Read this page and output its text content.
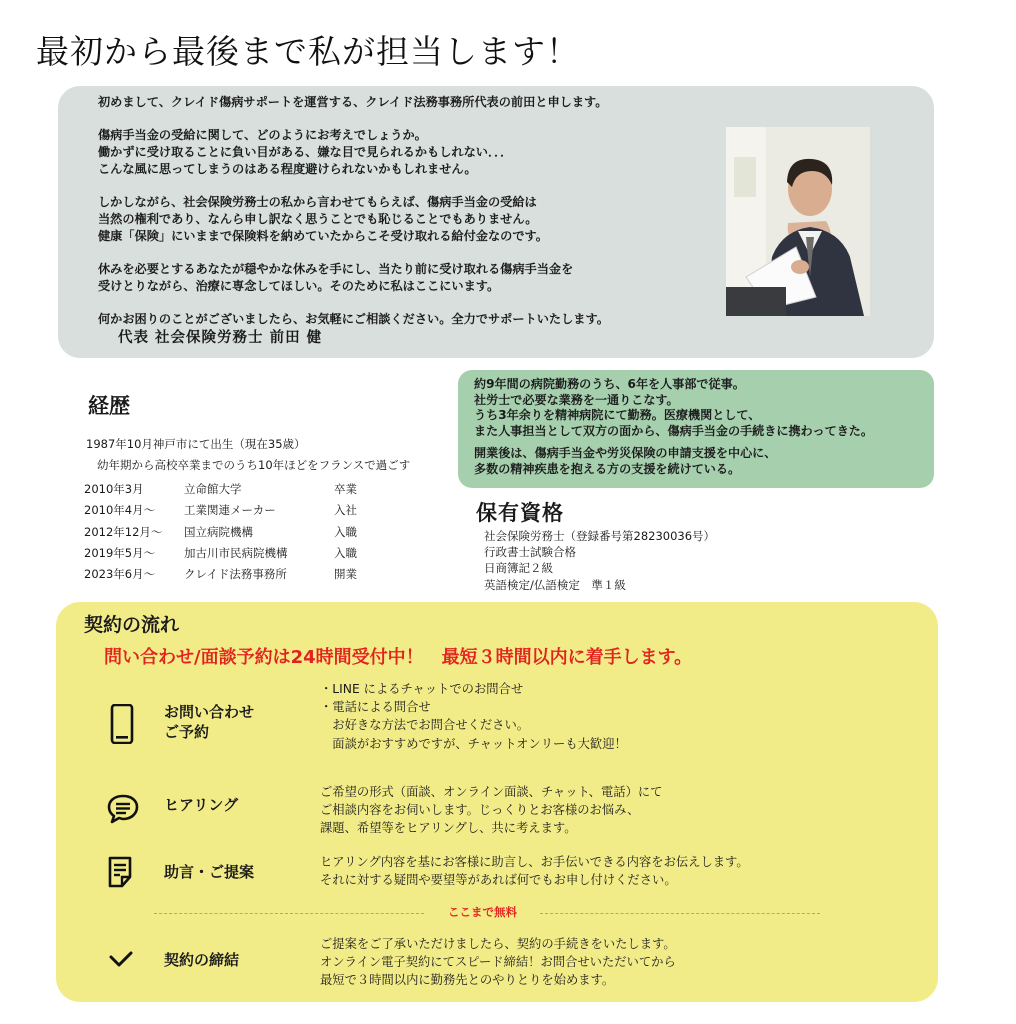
最初から最後まで私が担当します！

初めまして、クレイド傷病サポートを運営する、クレイド法務事務所代表の前田と申します。

傷病手当金の受給に関して、どのようにお考えでしょうか。
働かずに受け取ることに負い目がある、嫌な目で見られるかもしれない．．．
こんな風に思ってしまうのはある程度避けられないかもしれません。

しかしながら、社会保険労務士の私から言わせてもらえば、傷病手当金の受給は
当然の権利であり、なんら申し訳なく思うことでも恥じることでもありません。
健康「保険」にいままで保険料を納めていたからこそ受け取れる給付金なのです。

休みを必要とするあなたが穏やかな休みを手にし、当たり前に受け取れる傷病手当金を
受けとりながら、治療に専念してほしい。そのために私はここにいます。

何かお困りのことがございましたら、お気軽にご相談ください。全力でサポートいたします。

代表 社会保険労務士 前田 健
経歴
1987年10月神戸市にて出生（現在35歳）
幼年期から高校卒業までのうち10年ほどをフランスで過ごす
2010年3月	立命館大学	卒業
2010年4月～	工業関連メーカー	入社
2012年12月～	国立病院機構	入職
2019年5月～	加古川市民病院機構	入職
2023年6月～	クレイド法務事務所	開業

約9年間の病院勤務のうち、6年を人事部で従事。
社労士で必要な業務を一通りこなす。
うち3年余りを精神病院にて勤務。医療機関として、
また人事担当として双方の面から、傷病手当金の手続きに携わってきた。

開業後は、傷病手当金や労災保険の申請支援を中心に、
多数の精神疾患を抱える方の支援を続けている。

保有資格
社会保険労務士（登録番号第28230036号）
行政書士試験合格
日商簿記２級
英語検定/仏語検定　準１級
契約の流れ
問い合わせ/面談予約は24時間受付中！　最短３時間以内に着手します。
お問い合わせ
ご予約
・LINE によるチャットでのお問合せ
・電話による問合せ
　お好きな方法でお問合せください。
　面談がおすすめですが、チャットオンリーも大歓迎！
ヒアリング
ご希望の形式（面談、オンライン面談、チャット、電話）にて
ご相談内容をお伺いします。じっくりとお客様のお悩み、
課題、希望等をヒアリングし、共に考えます。
助言・ご提案
ヒアリング内容を基にお客様に助言し、お手伝いできる内容をお伝えします。
それに対する疑問や要望等があれば何でもお申し付けください。
ここまで無料
契約の締結
ご提案をご了承いただけましたら、契約の手続きをいたします。
オンライン電子契約にてスピード締結！お問合せいただいてから
最短で３時間以内に勤務先とのやりとりを始めます。
